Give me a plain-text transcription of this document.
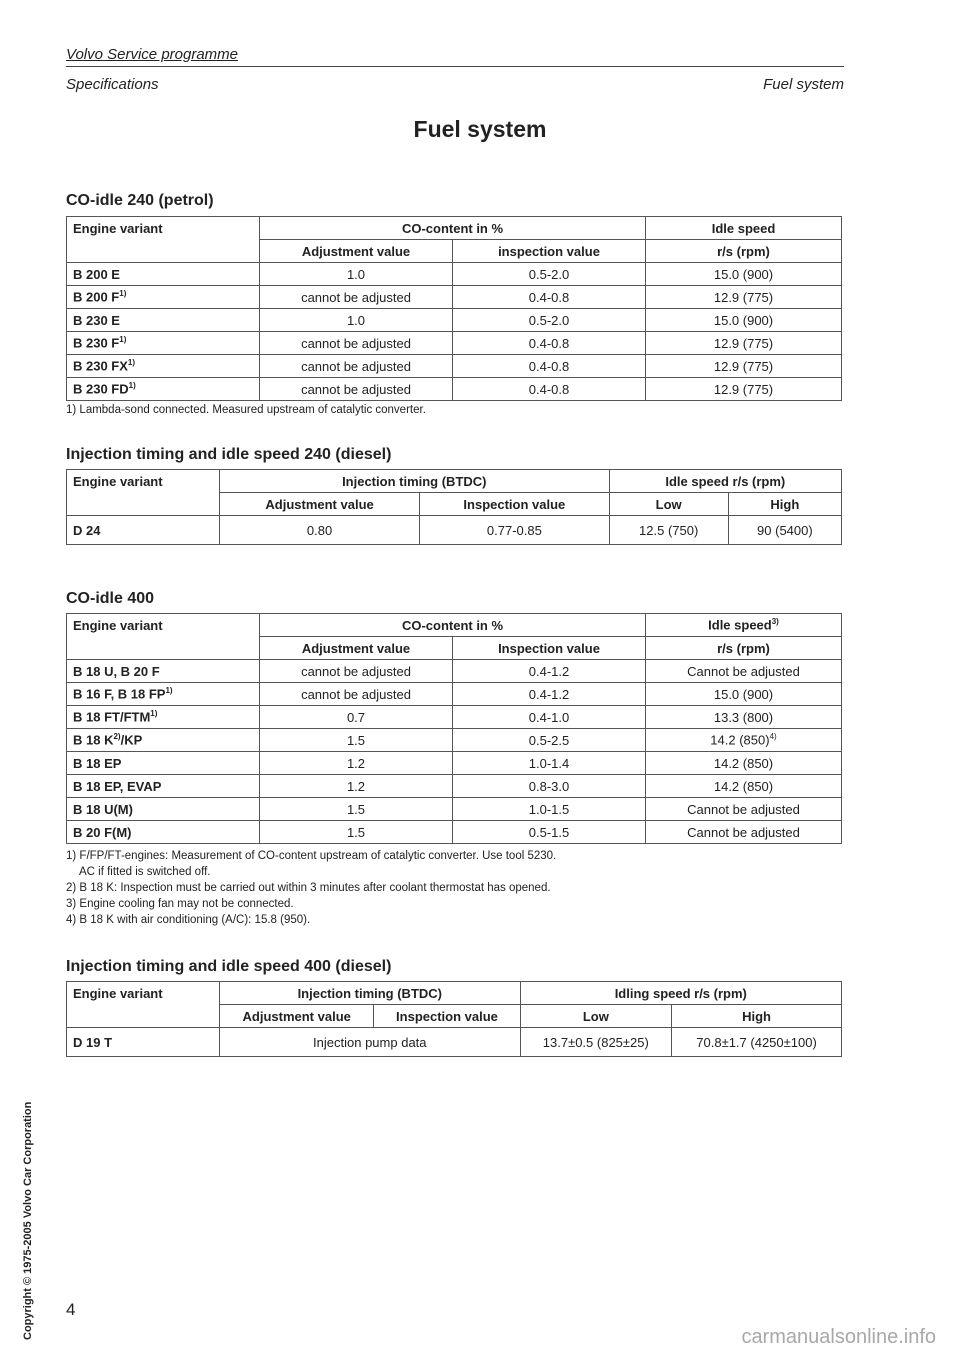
Volvo Service programme
Specifications	Fuel system
Fuel system
CO-idle 240 (petrol)
Engine variant	CO-content in %		Idle speed
	Adjustment value	inspection value	r/s (rpm)
B 200 E	1.0	0.5-2.0	15.0 (900)
B 200 $F^{1)}$	cannot be adjusted	0.4-0.8	12.9 (775)
B 230 E	1.0	0.5-2.0	15.0 (900)
B 230 $F^{1)}$	cannot be adjusted	0.4-0.8	12.9 (775)
B 230 FX$^{1)}$	cannot be adjusted	0.4-0.8	12.9 (775)
B 230 FD$^{1)}$	cannot be adjusted	0.4-0.8	12.9 (775)
1) Lambda-sond connected. Measured upstream of catalytic converter.
Injection timing and idle speed 240 (diesel)
Engine variant	Injection timing (BTDC)		Idle speed r/s (rpm)	
	Adjustment value	Inspection value	Low	High
D 24	0.80	0.77-0.85	12.5 (750)	90 (5400)
CO-idle 400
Engine variant	CO-content in %		Idle speed$^{3)}$
	Adjustment value	Inspection value	r/s (rpm)
B 18 U, B 20 F	cannot be adjusted	0.4-1.2	Cannot be adjusted
B 16 F, B 18 FP$^{1)}$	cannot be adjusted	0.4-1.2	15.0 (900)
B 18 FT/FTM$^{1)}$	0.7	0.4-1.0	13.3 (800)
B 18 $K^{2)}/KP$	1.5	0.5-2.5	14.2 $(850)^{4)}$
B 18 EP	1.2	1.0-1.4	14.2 (850)
B 18 EP, EVAP	1.2	0.8-3.0	14.2 (850)
B 18 U(M)	1.5	1.0-1.5	Cannot be adjusted
B 20 F(M)	1.5	0.5-1.5	Cannot be adjusted
1) F/FP/FT-engines: Measurement of CO-content upstream of catalytic converter. Use tool 5230.
AC if fitted is switched off.
2) B 18 K: Inspection must be carried out within 3 minutes after coolant thermostat has opened.
3) Engine cooling fan may not be connected.
4) B 18 K with air conditioning (A/C): 15.8 (950).
Injection timing and idle speed 400 (diesel)
Engine variant	Injection timing (BTDC)		Idling speed r/s (rpm)	
	Adjustment value	Inspection value	Low	High
D 19 T	Injection pump data		13.7±0.5 (825±25)	70.8±1.7 (4250±100)
Copyright © 1975-2005 Volvo Car Corporation 4
carmanualsonline.info
